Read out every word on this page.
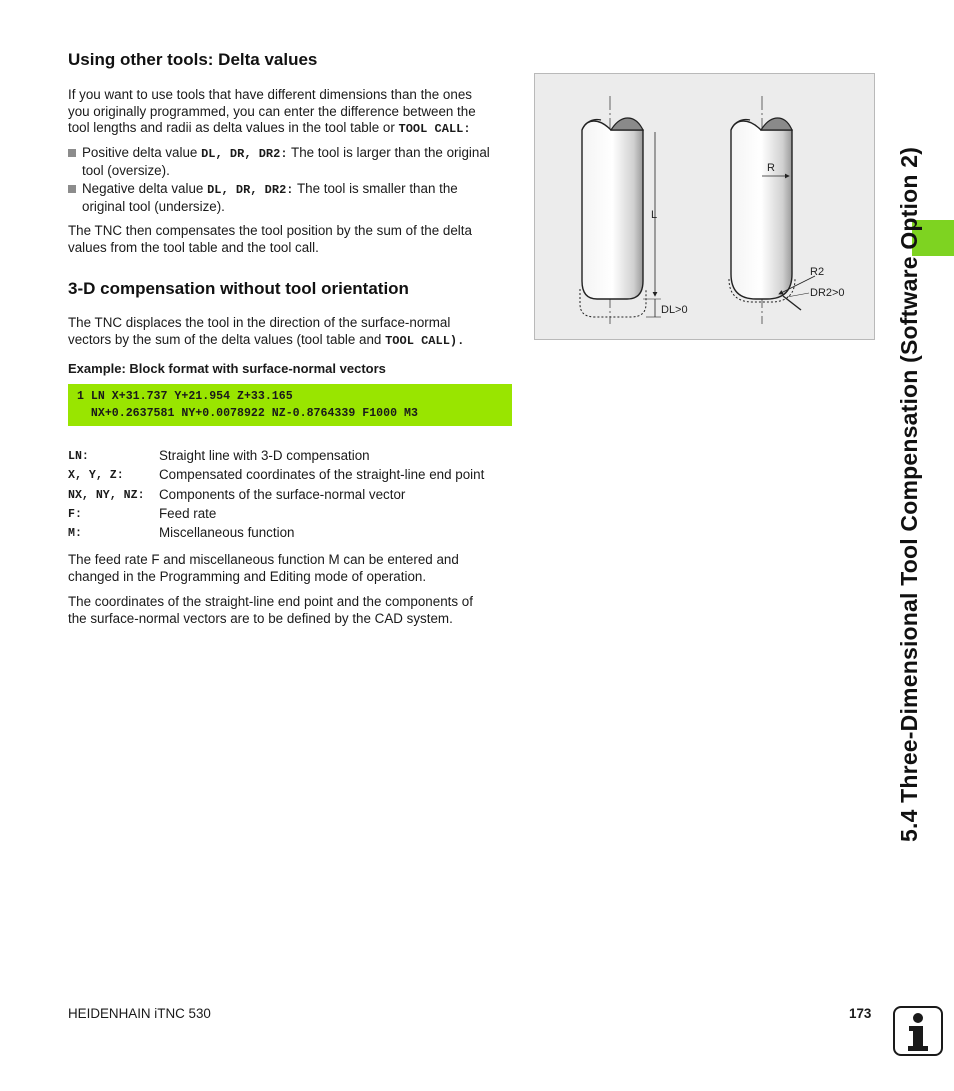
Using other tools: Delta values

If you want to use tools that have different dimensions than the ones
you originally programmed, you can enter the difference between the
tool lengths and radii as delta values in the tool table or TOOL CALL:

Positive delta value DL, DR, DR2: The tool is larger than the original
tool (oversize).
Negative delta value DL, DR, DR2: The tool is smaller than the
original tool (undersize).

The TNC then compensates the tool position by the sum of the delta
values from the tool table and the tool call.

3-D compensation without tool orientation

The TNC displaces the tool in the direction of the surface-normal
vectors by the sum of the delta values (tool table and TOOL CALL).

Example: Block format with surface-normal vectors

1 LN X+31.737 Y+21.954 Z+33.165
NX+0.2637581 NY+0.0078922 NZ-0.8764339 F1000 M3
LN:	Straight line with 3-D compensation
X, Y, Z:	Compensated coordinates of the straight-line end point
NX, NY, NZ: Components of the surface-normal vector
F:	Feed rate
M:	Miscellaneous function

The feed rate F and miscellaneous function M can be entered and
changed in the Programming and Editing mode of operation.

The coordinates of the straight-line end point and the components of
the surface-normal vectors are to be defined by the CAD system.

L
DL>0
R
R2
DR2>0 5.4 Three-Dimensional Tool Compensation (Software Option 2)
HEIDENHAIN iTNC 530	173
